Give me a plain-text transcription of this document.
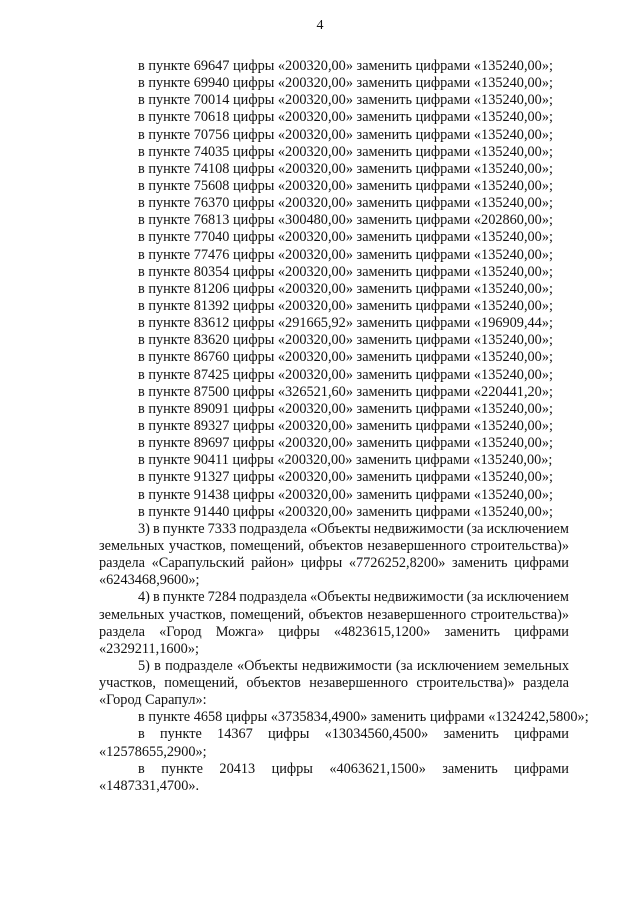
4
в пункте 69647 цифры «200320,00» заменить цифрами «135240,00»;
в пункте 69940 цифры «200320,00» заменить цифрами «135240,00»;
в пункте 70014 цифры «200320,00» заменить цифрами «135240,00»;
в пункте 70618 цифры «200320,00» заменить цифрами «135240,00»;
в пункте 70756 цифры «200320,00» заменить цифрами «135240,00»;
в пункте 74035 цифры «200320,00» заменить цифрами «135240,00»;
в пункте 74108 цифры «200320,00» заменить цифрами «135240,00»;
в пункте 75608 цифры «200320,00» заменить цифрами «135240,00»;
в пункте 76370 цифры «200320,00» заменить цифрами «135240,00»;
в пункте 76813 цифры «300480,00» заменить цифрами «202860,00»;
в пункте 77040 цифры «200320,00» заменить цифрами «135240,00»;
в пункте 77476 цифры «200320,00» заменить цифрами «135240,00»;
в пункте 80354 цифры «200320,00» заменить цифрами «135240,00»;
в пункте 81206 цифры «200320,00» заменить цифрами «135240,00»;
в пункте 81392 цифры «200320,00» заменить цифрами «135240,00»;
в пункте 83612 цифры «291665,92» заменить цифрами «196909,44»;
в пункте 83620 цифры «200320,00» заменить цифрами «135240,00»;
в пункте 86760 цифры «200320,00» заменить цифрами «135240,00»;
в пункте 87425 цифры «200320,00» заменить цифрами «135240,00»;
в пункте 87500 цифры «326521,60» заменить цифрами «220441,20»;
в пункте 89091 цифры «200320,00» заменить цифрами «135240,00»;
в пункте 89327 цифры «200320,00» заменить цифрами «135240,00»;
в пункте 89697 цифры «200320,00» заменить цифрами «135240,00»;
в пункте 90411 цифры «200320,00» заменить цифрами «135240,00»;
в пункте 91327 цифры «200320,00» заменить цифрами «135240,00»;
в пункте 91438 цифры «200320,00» заменить цифрами «135240,00»;
в пункте 91440 цифры «200320,00» заменить цифрами «135240,00»;
3) в пункте 7333 подраздела «Объекты недвижимости (за исключением
земельных участков, помещений, объектов незавершенного строительства)»
раздела «Сарапульский район» цифры «7726252,8200» заменить цифрами
«6243468,9600»;
4) в пункте 7284 подраздела «Объекты недвижимости (за исключением
земельных участков, помещений, объектов незавершенного строительства)»
раздела «Город Можга» цифры «4823615,1200» заменить цифрами
«2329211,1600»;
5) в подразделе «Объекты недвижимости (за исключением земельных
участков, помещений, объектов незавершенного строительства)» раздела
«Город Сарапул»:
в пункте 4658 цифры «3735834,4900» заменить цифрами «1324242,5800»;
в пункте 14367 цифры «13034560,4500» заменить цифрами
«12578655,2900»;
в пункте 20413 цифры «4063621,1500» заменить цифрами
«1487331,4700».
